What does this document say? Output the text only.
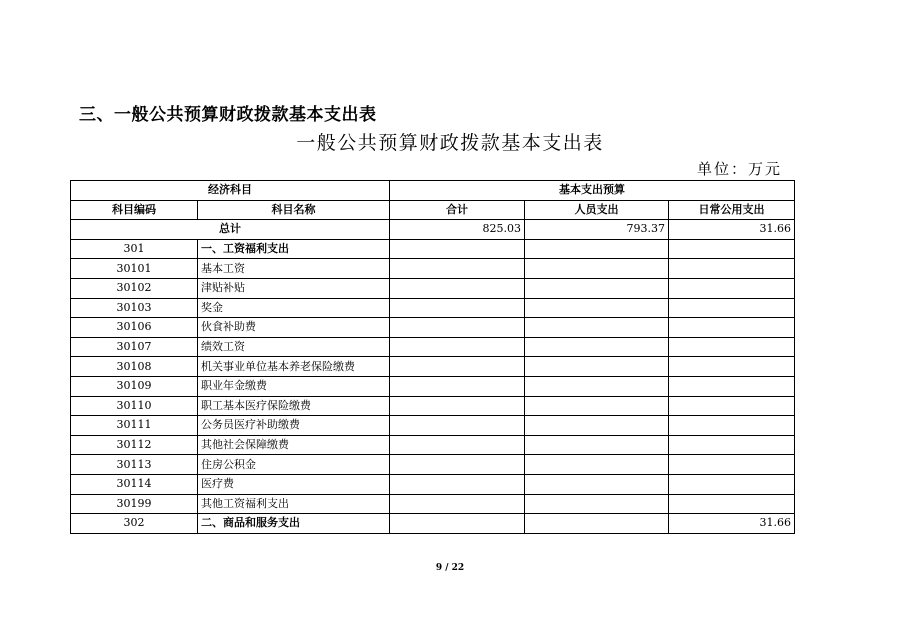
三、一般公共预算财政拨款基本支出表
一般公共预算财政拨款基本支出表
单位：万元
经济科目		基本支出预算		
科目编码	科目名称	合计	人员支出	日常公用支出
总计		825.03	793.37	31.66
301	一、工资福利支出			
30101	基本工资			
30102	津贴补贴			
30103	奖金			
30106	伙食补助费			
30107	绩效工资			
30108	机关事业单位基本养老保险缴费			
30109	职业年金缴费			
30110	职工基本医疗保险缴费			
30111	公务员医疗补助缴费			
30112	其他社会保障缴费			
30113	住房公积金			
30114	医疗费			
30199	其他工资福利支出			
302	二、商品和服务支出			31.66
9 / 22
